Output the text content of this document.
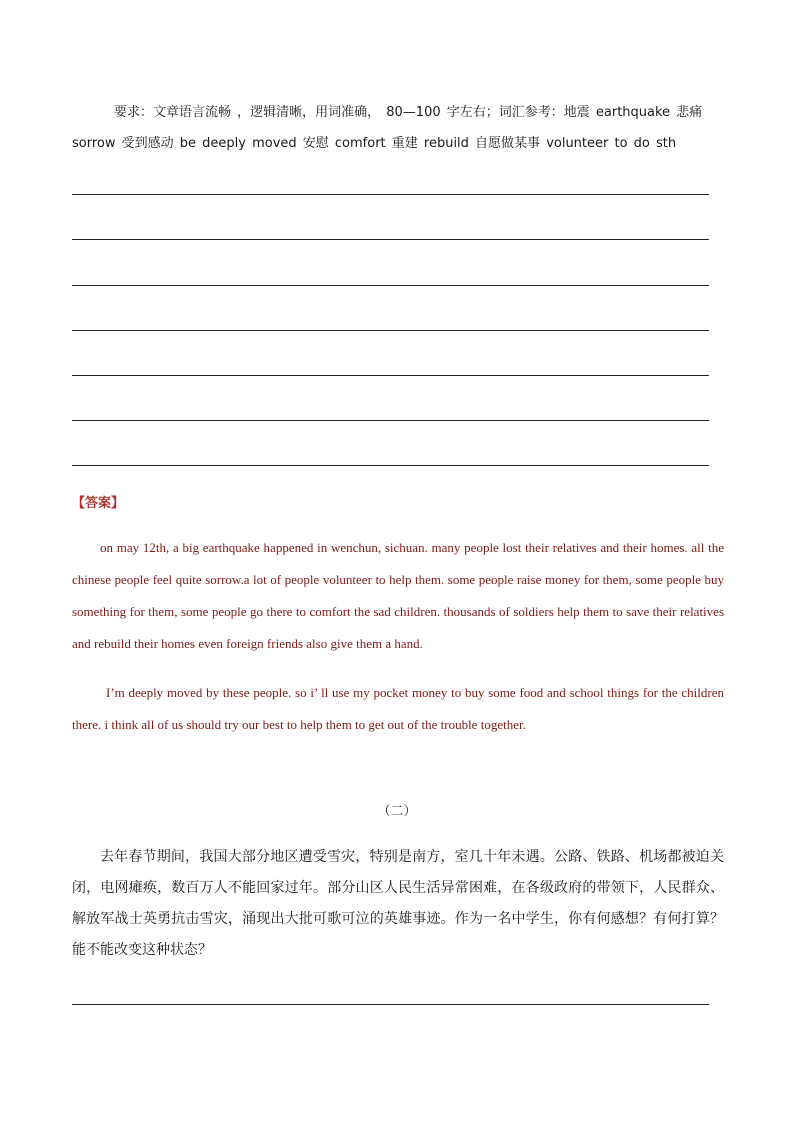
要求：文章语言流畅 ，逻辑清晰，用词准确， 80—100 字左右；词汇参考：地震 earthquake 悲痛 sorrow 受到感动 be deeply moved 安慰 comfort 重建 rebuild 自愿做某事 volunteer to do sth
【答案】
on may 12th, a big earthquake happened in wenchun, sichuan. many people lost their relatives and their homes. all the chinese people feel quite sorrow.a lot of people volunteer to help them. some people raise money for them, some people buy something for them, some people go there to comfort the sad children. thousands of soldiers help them to save their relatives and rebuild their homes even foreign friends also give them a hand.
I’m deeply moved by these people. so i’ ll use my pocket money to buy some food and school things for the children there. i think all of us should try our best to help them to get out of the trouble together.
（二）
去年春节期间，我国大部分地区遭受雪灾，特别是南方，室几十年未遇。公路、铁路、机场都被迫关闭，电网瘫痪，数百万人不能回家过年。部分山区人民生活异常困难，在各级政府的带领下，人民群众、解放军战士英勇抗击雪灾，涌现出大批可歌可泣的英雄事迹。作为一名中学生，你有何感想？有何打算？能不能改变这种状态？
